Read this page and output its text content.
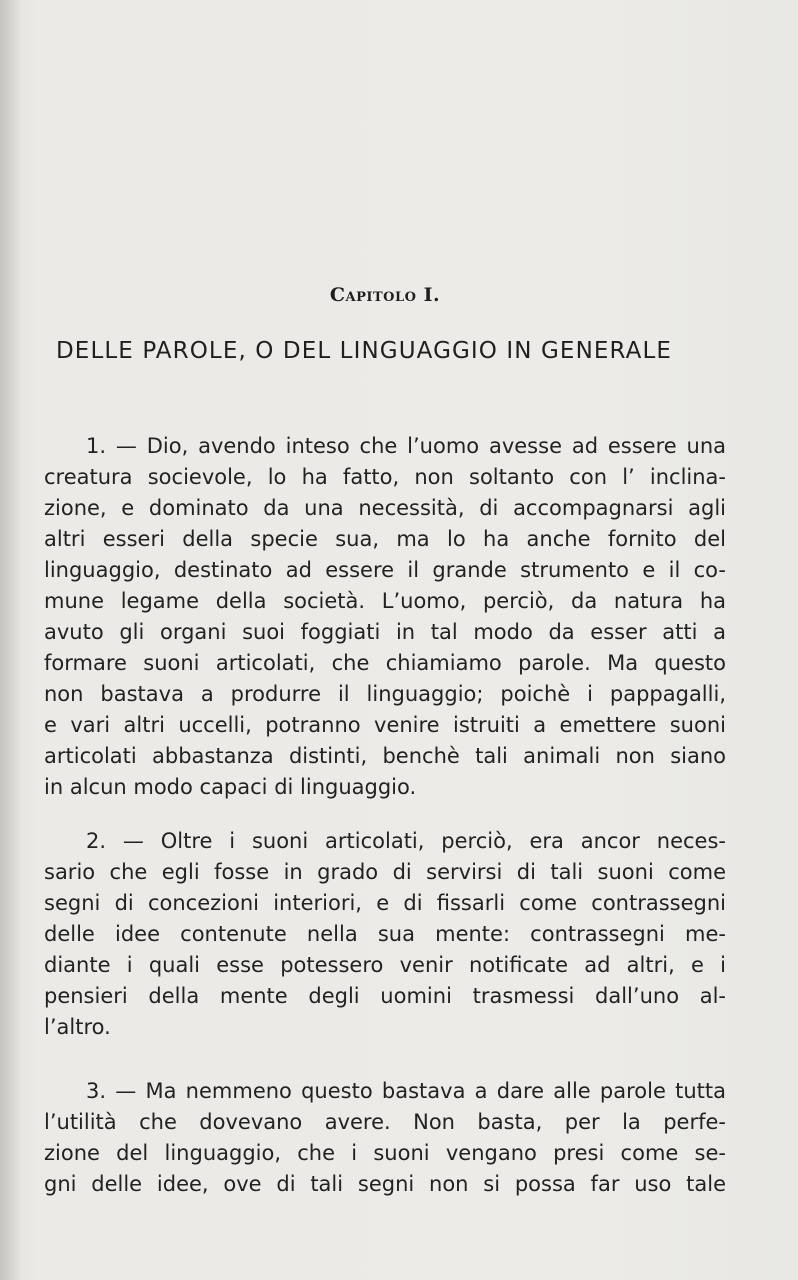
Capitolo I.
DELLE PAROLE, O DEL LINGUAGGIO IN GENERALE
1. — Dio, avendo inteso che l’uomo avesse ad essere una
creatura socievole, lo ha fatto, non soltanto con l’ inclina-
zione, e dominato da una necessità, di accompagnarsi agli
altri esseri della specie sua, ma lo ha anche fornito del
linguaggio, destinato ad essere il grande strumento e il co-
mune legame della società. L’uomo, perciò, da natura ha
avuto gli organi suoi foggiati in tal modo da esser atti a
formare suoni articolati, che chiamiamo parole. Ma questo
non bastava a produrre il linguaggio; poichè i pappagalli,
e vari altri uccelli, potranno venire istruiti a emettere suoni
articolati abbastanza distinti, benchè tali animali non siano
in alcun modo capaci di linguaggio.
2. — Oltre i suoni articolati, perciò, era ancor neces-
sario che egli fosse in grado di servirsi di tali suoni come
segni di concezioni interiori, e di fissarli come contrassegni
delle idee contenute nella sua mente: contrassegni me-
diante i quali esse potessero venir notificate ad altri, e i
pensieri della mente degli uomini trasmessi dall’uno al-
l’altro.
3. — Ma nemmeno questo bastava a dare alle parole tutta
l’utilità che dovevano avere. Non basta, per la perfe-
zione del linguaggio, che i suoni vengano presi come se-
gni delle idee, ove di tali segni non si possa far uso tale
